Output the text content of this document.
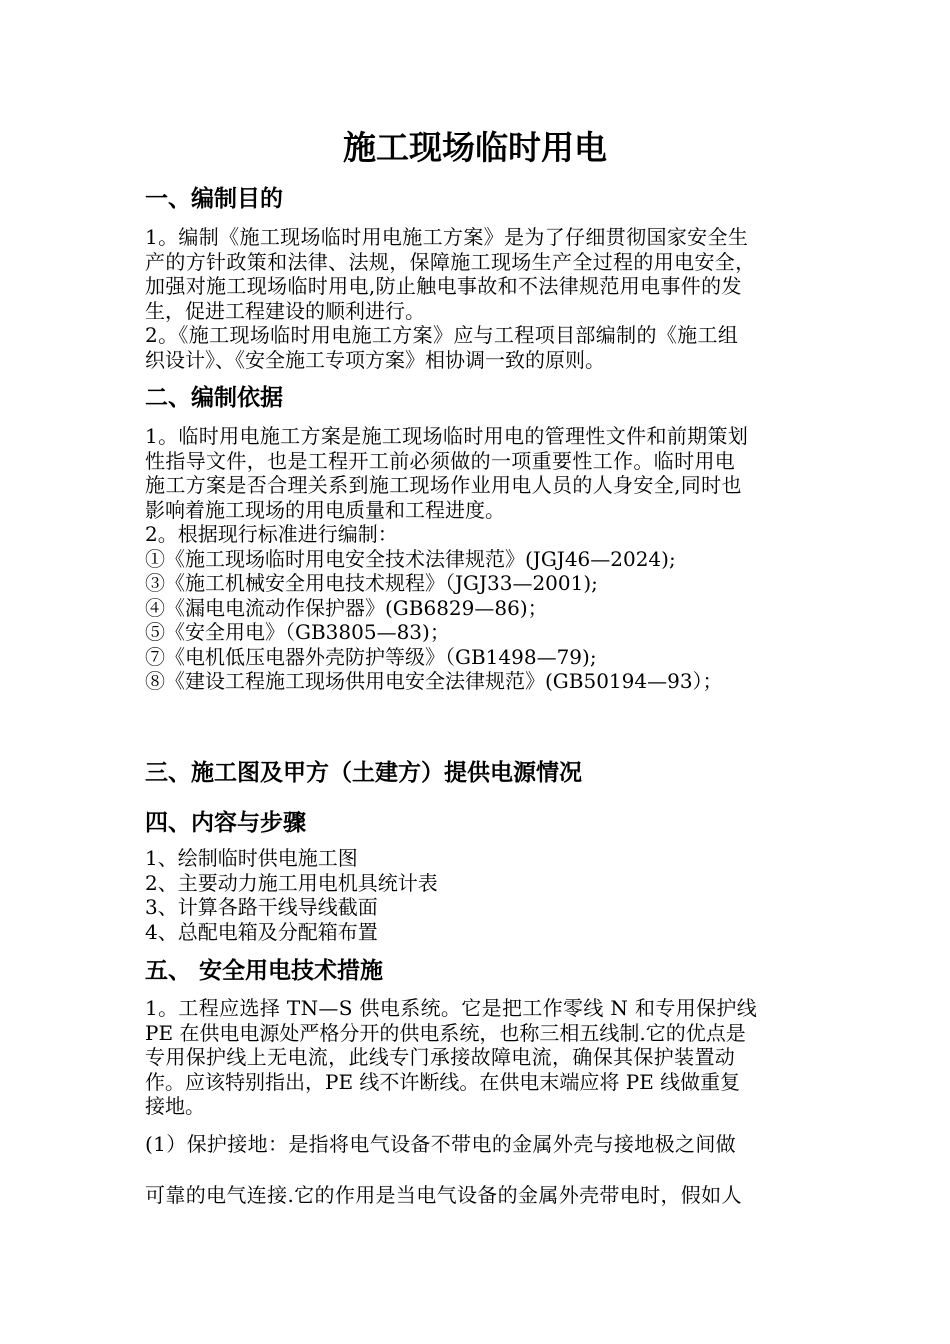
施工现场临时用电
一、编制目的

1。编制《施工现场临时用电施工方案》是为了仔细贯彻国家安全生

产的方针政策和法律、法规，保障施工现场生产全过程的用电安全，

加强对施工现场临时用电,防止触电事故和不法律规范用电事件的发

生，促进工程建设的顺利进行。

2。《施工现场临时用电施工方案》应与工程项目部编制的《施工组

织设计》、《安全施工专项方案》相协调一致的原则。

二、编制依据

1。临时用电施工方案是施工现场临时用电的管理性文件和前期策划

性指导文件，也是工程开工前必须做的一项重要性工作。临时用电

施工方案是否合理关系到施工现场作业用电人员的人身安全,同时也

影响着施工现场的用电质量和工程进度。

2。根据现行标准进行编制：

①《施工现场临时用电安全技术法律规范》(JGJ46—2024);

③《施工机械安全用电技术规程》（JGJ33—2001);

④《漏电电流动作保护器》(GB6829—86)；

⑤《安全用电》（GB3805—83)；

⑦《电机低压电器外壳防护等级》（GB1498—79);

⑧《建设工程施工现场供用电安全法律规范》(GB50194—93）；

三、施工图及甲方（土建方）提供电源情况
四、内容与步骤

1、绘制临时供电施工图

2、主要动力施工用电机具统计表

3、计算各路干线导线截面

4、总配电箱及分配箱布置

五、 安全用电技术措施

1。工程应选择 TN—S 供电系统。它是把工作零线 N 和专用保护线

PE 在供电电源处严格分开的供电系统，也称三相五线制.它的优点是

专用保护线上无电流，此线专门承接故障电流，确保其保护装置动

作。应该特别指出，PE 线不许断线。在供电末端应将 PE 线做重复

接地。

(1）保护接地：是指将电气设备不带电的金属外壳与接地极之间做

可靠的电气连接.它的作用是当电气设备的金属外壳带电时，假如人
